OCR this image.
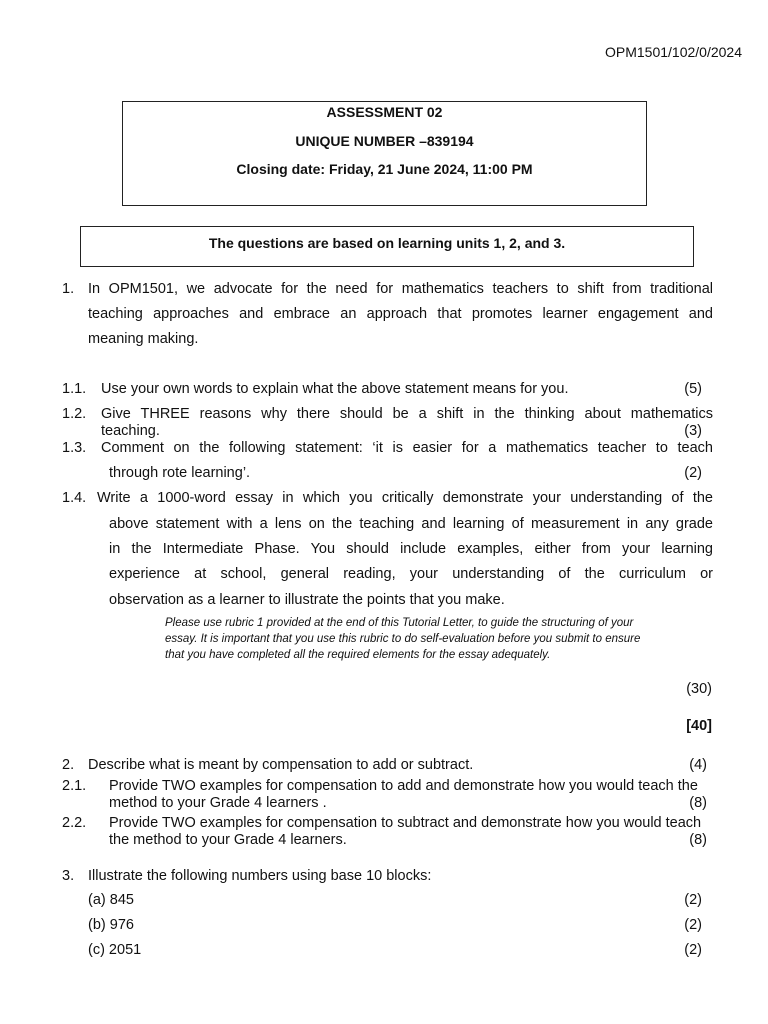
OPM1501/102/0/2024
ASSESSMENT 02
UNIQUE NUMBER –839194
Closing date: Friday, 21 June 2024, 11:00 PM
The questions are based on learning units 1, 2, and 3.
1. In OPM1501, we advocate for the need for mathematics teachers to shift from traditional
teaching approaches and embrace an approach that promotes learner engagement and
meaning making.
1.1. Use your own words to explain what the above statement means for you.	(5)
1.2. Give THREE reasons why there should be a shift in the thinking about mathematics
teaching.	(3)
1.3. Comment on the following statement: ‘it is easier for a mathematics teacher to teach
through rote learning’.	(2)
1.4. Write a 1000-word essay in which you critically demonstrate your understanding of the
above statement with a lens on the teaching and learning of measurement in any grade
in the Intermediate Phase. You should include examples, either from your learning
experience at school, general reading, your understanding of the curriculum or
observation as a learner to illustrate the points that you make.
Please use rubric 1 provided at the end of this Tutorial Letter, to guide the structuring of your
essay. It is important that you use this rubric to do self-evaluation before you submit to ensure
that you have completed all the required elements for the essay adequately.
(30)
[40]
2. Describe what is meant by compensation to add or subtract.	(4)
2.1. Provide TWO examples for compensation to add and demonstrate how you would teach the
method to your Grade 4 learners .	(8)
2.2. Provide TWO examples for compensation to subtract and demonstrate how you would teach
the method to your Grade 4 learners.	(8)
3. Illustrate the following numbers using base 10 blocks:
(a) 845	(2)
(b) 976	(2)
(c) 2051	(2)
